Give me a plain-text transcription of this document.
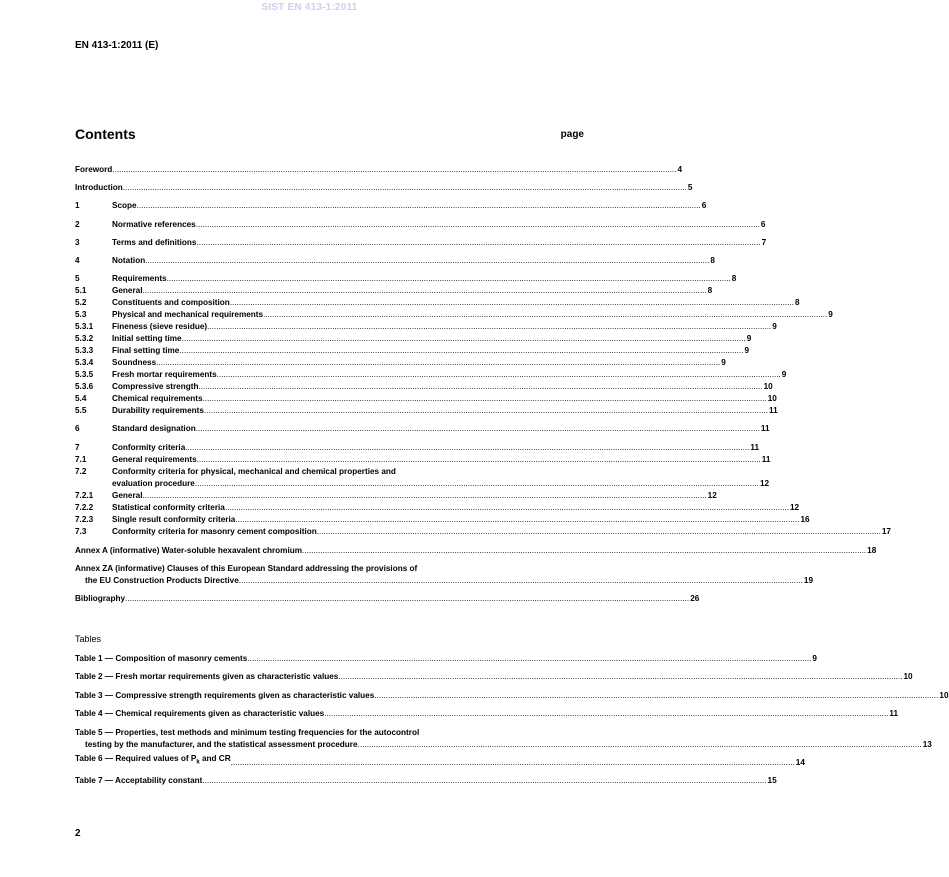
SIST EN 413-1:2011
EN 413-1:2011 (E)
Contents	page
Foreword .....	4
Introduction .....	5
1	Scope .....	6
2	Normative references .....	6
3	Terms and definitions .....	7
4	Notation .....	8
5	Requirements .....	8
5.1	General .....	8
5.2	Constituents and composition .....	8
5.3	Physical and mechanical requirements .....	9
5.3.1	Fineness (sieve residue) .....	9
5.3.2	Initial setting time .....	9
5.3.3	Final setting time .....	9
5.3.4	Soundness .....	9
5.3.5	Fresh mortar requirements .....	9
5.3.6	Compressive strength .....	10
5.4	Chemical requirements .....	10
5.5	Durability requirements .....	11
6	Standard designation .....	11
7	Conformity criteria .....	11
7.1	General requirements .....	11
7.2	Conformity criteria for physical, mechanical and chemical properties and
evaluation procedure .....	12
7.2.1	General .....	12
7.2.2	Statistical conformity criteria .....	12
7.2.3	Single result conformity criteria .....	16
7.3	Conformity criteria for masonry cement composition .....	17
Annex A (informative) Water-soluble hexavalent chromium .....	18
Annex ZA (informative) Clauses of this European Standard addressing the provisions of
the EU Construction Products Directive .....	19
Bibliography .....	26
Tables
Table 1 — Composition of masonry cements .....	9
Table 2 — Fresh mortar requirements given as characteristic values .....	10
Table 3 — Compressive strength requirements given as characteristic values .....	10
Table 4 — Chemical requirements given as characteristic values .....	11
Table 5 — Properties, test methods and minimum testing frequencies for the autocontrol
testing by the manufacturer, and the statistical assessment procedure .....	13
Table 6 — Required values of $P_k$ and CR .....	14
Table 7 — Acceptability constant .....	15
2
